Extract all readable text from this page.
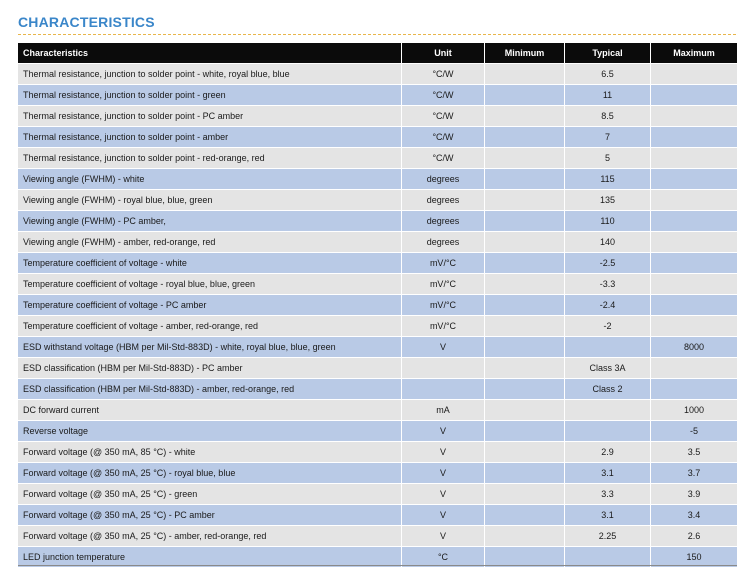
CHARACTERISTICS
Characteristics	Unit	Minimum	Typical	Maximum
Thermal resistance, junction to solder point - white, royal blue, blue	°C/W		6.5	
Thermal resistance, junction to solder point - green	°C/W		11	
Thermal resistance, junction to solder point - PC amber	°C/W		8.5	
Thermal resistance, junction to solder point - amber	°C/W		7	
Thermal resistance, junction to solder point - red-orange, red	°C/W		5	
Viewing angle (FWHM) - white	degrees		115	
Viewing angle (FWHM) - royal blue, blue, green	degrees		135	
Viewing angle (FWHM) - PC amber,	degrees		110	
Viewing angle (FWHM) - amber, red-orange, red	degrees		140	
Temperature coefficient of voltage - white	mV/°C		-2.5	
Temperature coefficient of voltage - royal blue, blue, green	mV/°C		-3.3	
Temperature coefficient of voltage - PC amber	mV/°C		-2.4	
Temperature coefficient of voltage - amber, red-orange, red	mV/°C		-2	
ESD withstand voltage (HBM per Mil-Std-883D) - white, royal blue, blue, green	V			8000
ESD classification (HBM per Mil-Std-883D) - PC amber			Class 3A	
ESD classification (HBM per Mil-Std-883D) - amber, red-orange, red			Class 2	
DC forward current	mA			1000
Reverse voltage	V			-5
Forward voltage (@ 350 mA, 85 °C) - white	V		2.9	3.5
Forward voltage (@ 350 mA, 25 °C) - royal blue, blue	V		3.1	3.7
Forward voltage (@ 350 mA, 25 °C) - green	V		3.3	3.9
Forward voltage (@ 350 mA, 25 °C) - PC amber	V		3.1	3.4
Forward voltage (@ 350 mA, 25 °C) - amber, red-orange, red	V		2.25	2.6
LED junction temperature	°C			150
